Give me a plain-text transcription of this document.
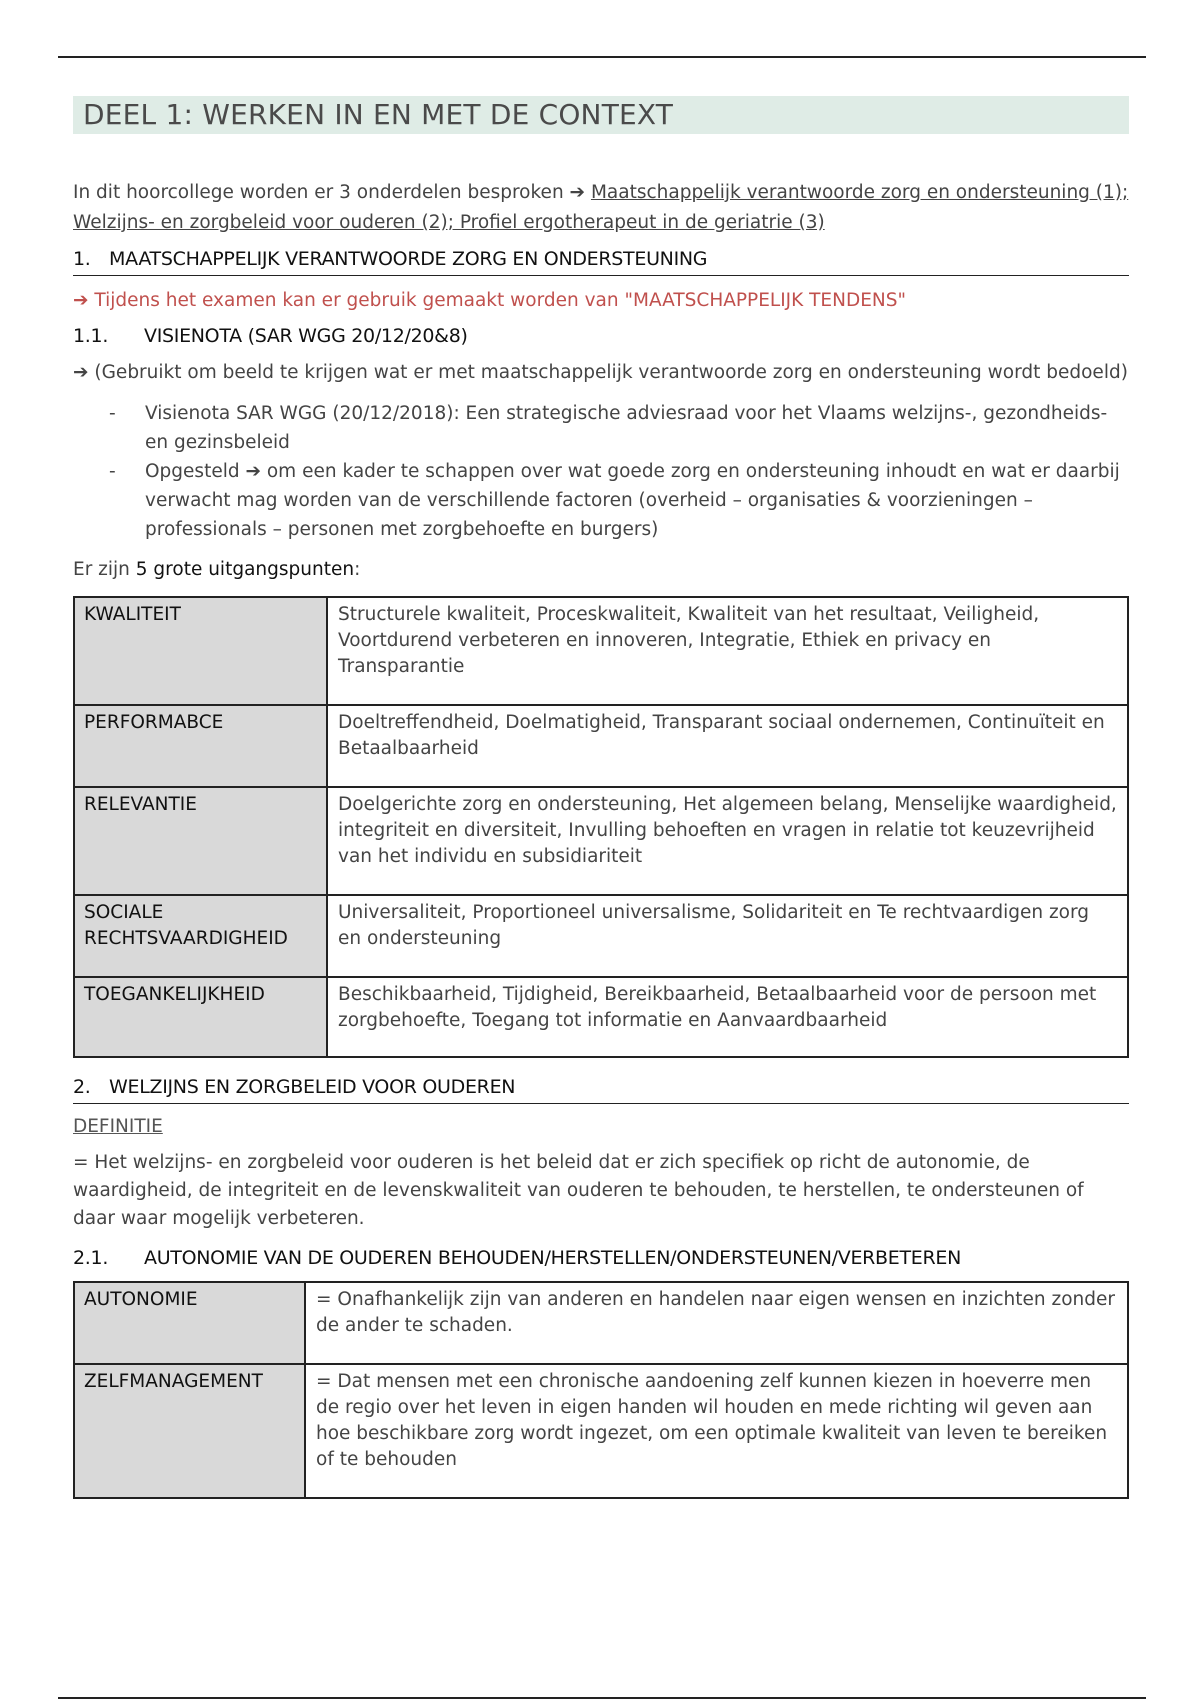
DEEL 1: WERKEN IN EN MET DE CONTEXT
In dit hoorcollege worden er 3 onderdelen besproken ➔ Maatschappelijk verantwoorde zorg en ondersteuning (1); Welzijns- en zorgbeleid voor ouderen (2); Profiel ergotherapeut in de geriatrie (3)
1. MAATSCHAPPELIJK VERANTWOORDE ZORG EN ONDERSTEUNING
➔ Tijdens het examen kan er gebruik gemaakt worden van "MAATSCHAPPELIJK TENDENS"
1.1. VISIENOTA (SAR WGG 20/12/20&8)
➔ (Gebruikt om beeld te krijgen wat er met maatschappelijk verantwoorde zorg en ondersteuning wordt bedoeld)
- Visienota SAR WGG (20/12/2018): Een strategische adviesraad voor het Vlaams welzijns-, gezondheids- en gezinsbeleid
- Opgesteld ➔ om een kader te schappen over wat goede zorg en ondersteuning inhoudt en wat er daarbij verwacht mag worden van de verschillende factoren (overheid – organisaties & voorzieningen – professionals – personen met zorgbehoefte en burgers)
Er zijn 5 grote uitgangspunten:
KWALITEIT	Structurele kwaliteit, Proceskwaliteit, Kwaliteit van het resultaat, Veiligheid, Voortdurend verbeteren en innoveren, Integratie, Ethiek en privacy en Transparantie
PERFORMABCE	Doeltreffendheid, Doelmatigheid, Transparant sociaal ondernemen, Continuïteit en Betaalbaarheid
RELEVANTIE	Doelgerichte zorg en ondersteuning, Het algemeen belang, Menselijke waardigheid, integriteit en diversiteit, Invulling behoeften en vragen in relatie tot keuzevrijheid van het individu en subsidiariteit
SOCIALE RECHTSVAARDIGHEID	Universaliteit, Proportioneel universalisme, Solidariteit en Te rechtvaardigen zorg en ondersteuning
TOEGANKELIJKHEID	Beschikbaarheid, Tijdigheid, Bereikbaarheid, Betaalbaarheid voor de persoon met zorgbehoefte, Toegang tot informatie en Aanvaardbaarheid
2. WELZIJNS EN ZORGBELEID VOOR OUDEREN
DEFINITIE
= Het welzijns- en zorgbeleid voor ouderen is het beleid dat er zich specifiek op richt de autonomie, de waardigheid, de integriteit en de levenskwaliteit van ouderen te behouden, te herstellen, te ondersteunen of daar waar mogelijk verbeteren.
2.1. AUTONOMIE VAN DE OUDEREN BEHOUDEN/HERSTELLEN/ONDERSTEUNEN/VERBETEREN
AUTONOMIE	= Onafhankelijk zijn van anderen en handelen naar eigen wensen en inzichten zonder de ander te schaden.
ZELFMANAGEMENT	= Dat mensen met een chronische aandoening zelf kunnen kiezen in hoeverre men de regio over het leven in eigen handen wil houden en mede richting wil geven aan hoe beschikbare zorg wordt ingezet, om een optimale kwaliteit van leven te bereiken of te behouden
